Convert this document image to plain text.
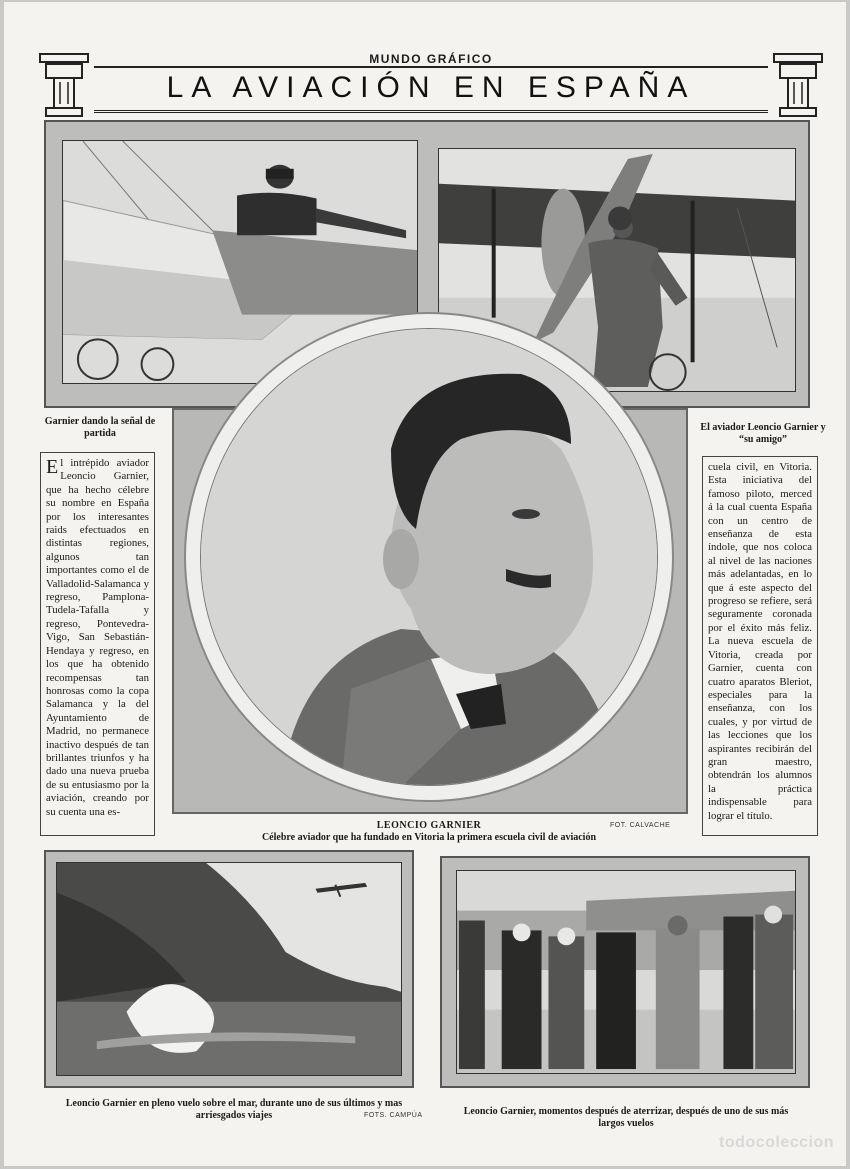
MUNDO GRÁFICO
LA AVIACIÓN EN ESPAÑA
Garnier dando la señal de partida
El aviador Leoncio Garnier y “su amigo”
El intrépido aviador Leoncio Garnier, que ha hecho célebre su nombre en España por los interesantes raids efectuados en distintas regiones, algunos tan importantes como el de Valladolid-Salamanca y regreso, Pamplona-Tudela-Tafalla y regreso, Pontevedra-Vigo, San Sebastián-Hendaya y regreso, en los que ha obtenido recompensas tan honrosas como la copa Salamanca y la del Ayuntamiento de Madrid, no permanece inactivo después de tan brillantes triunfos y ha dado una nueva prueba de su entusiasmo por la aviación, creando por su cuenta una es-
cuela civil, en Vitoria. Esta iniciativa del famoso piloto, merced á la cual cuenta España con un centro de enseñanza de esta índole, que nos coloca al nivel de las naciones más adelantadas, en lo que á este aspecto del progreso se refiere, será seguramente coronada por el éxito más feliz. La nueva escuela de Vitoria, creada por Garnier, cuenta con cuatro aparatos Bleriot, especiales para la enseñanza, con los cuales, y por virtud de las lecciones que los aspirantes recibirán del gran maestro, obtendrán los alumnos la práctica indispensable para lograr el título.
LEONCIO GARNIER
Célebre aviador que ha fundado en Vitoria la primera escuela civil de aviación
FOT. CALVACHE
Leoncio Garnier en pleno vuelo sobre el mar, durante uno de sus últimos y mas arriesgados viajes	FOTS. CAMPÚA	Leoncio Garnier, momentos después de aterrizar, después de uno de sus más largos vuelos
todocoleccion
